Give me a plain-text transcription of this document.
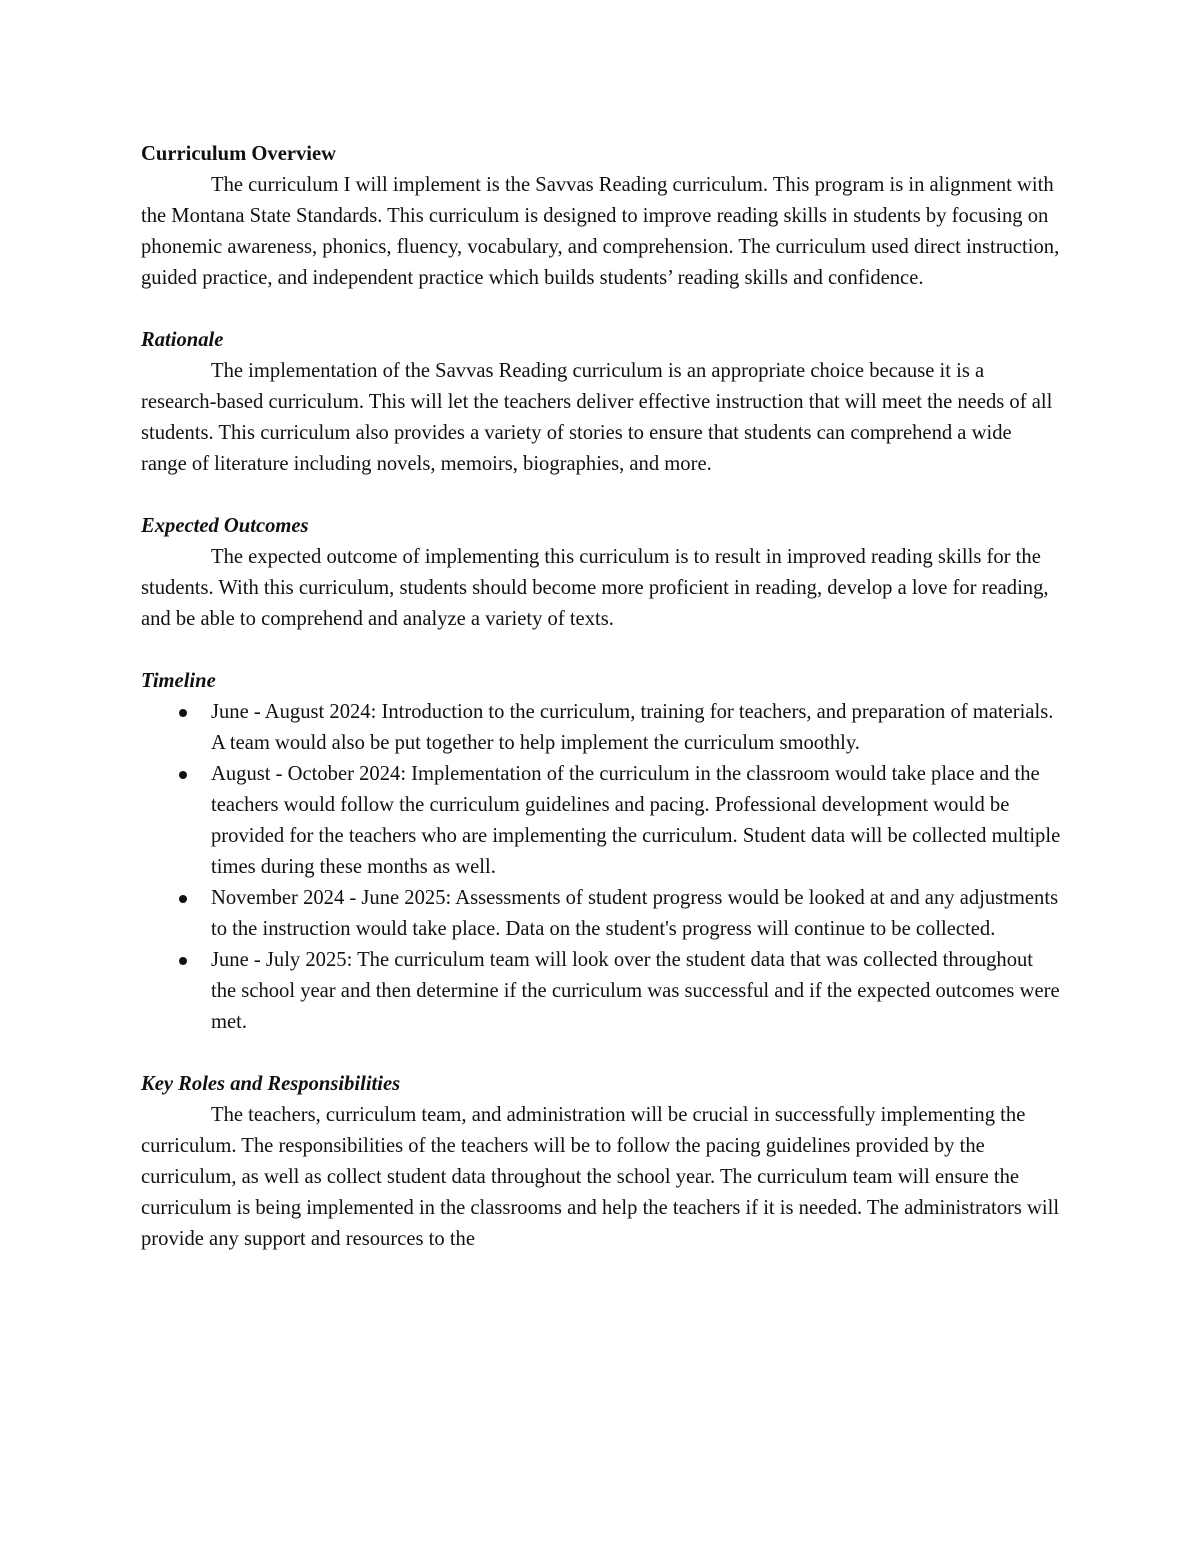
Curriculum Overview
The curriculum I will implement is the Savvas Reading curriculum. This program is in alignment with the Montana State Standards. This curriculum is designed to improve reading skills in students by focusing on phonemic awareness, phonics, fluency, vocabulary, and comprehension. The curriculum used direct instruction, guided practice, and independent practice which builds students’ reading skills and confidence.
Rationale
The implementation of the Savvas Reading curriculum is an appropriate choice because it is a research-based curriculum. This will let the teachers deliver effective instruction that will meet the needs of all students. This curriculum also provides a variety of stories to ensure that students can comprehend a wide range of literature including novels, memoirs, biographies, and more.
Expected Outcomes
The expected outcome of implementing this curriculum is to result in improved reading skills for the students. With this curriculum, students should become more proficient in reading, develop a love for reading, and be able to comprehend and analyze a variety of texts.
Timeline
June - August 2024: Introduction to the curriculum, training for teachers, and preparation of materials. A team would also be put together to help implement the curriculum smoothly.
August - October 2024: Implementation of the curriculum in the classroom would take place and the teachers would follow the curriculum guidelines and pacing. Professional development would be provided for the teachers who are implementing the curriculum. Student data will be collected multiple times during these months as well.
November 2024 - June 2025: Assessments of student progress would be looked at and any adjustments to the instruction would take place. Data on the student's progress will continue to be collected.
June - July 2025: The curriculum team will look over the student data that was collected throughout the school year and then determine if the curriculum was successful and if the expected outcomes were met.
Key Roles and Responsibilities
The teachers, curriculum team, and administration will be crucial in successfully implementing the curriculum. The responsibilities of the teachers will be to follow the pacing guidelines provided by the curriculum, as well as collect student data throughout the school year. The curriculum team will ensure the curriculum is being implemented in the classrooms and help the teachers if it is needed. The administrators will provide any support and resources to the
